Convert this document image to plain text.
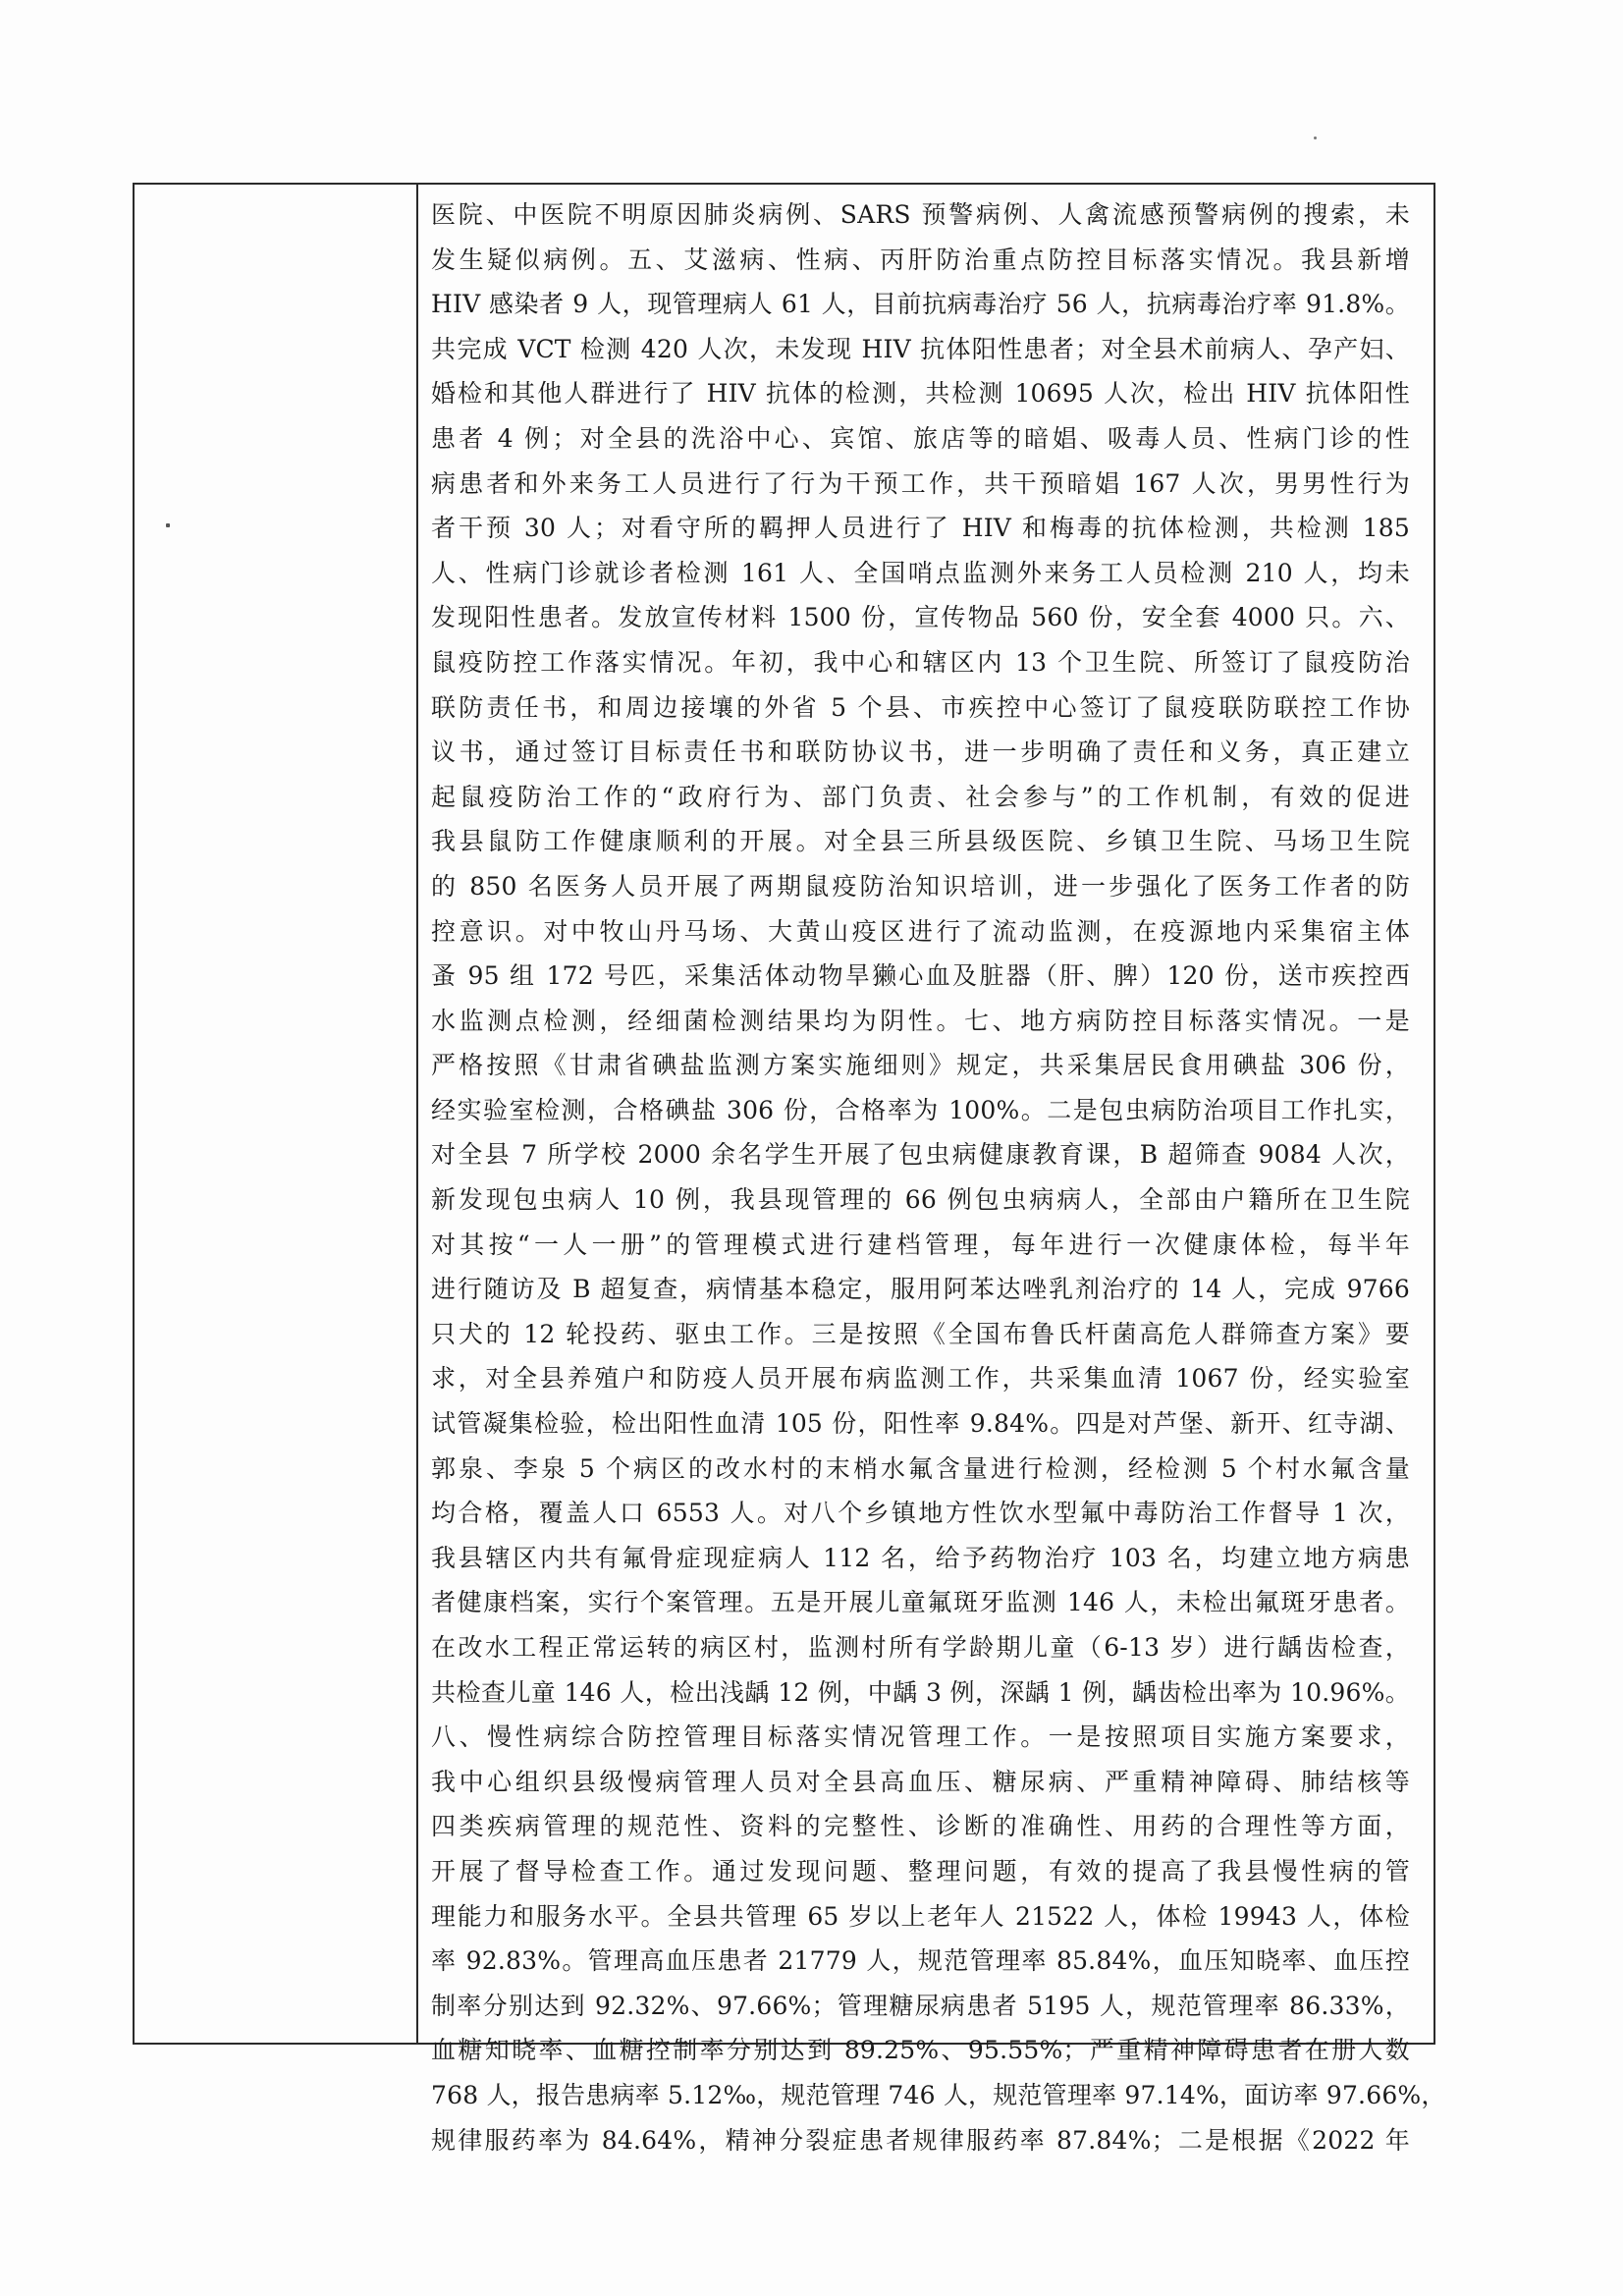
医院、中医院不明原因肺炎病例、SARS 预警病例、人禽流感预警病例的搜索，未
发生疑似病例。五、艾滋病、性病、丙肝防治重点防控目标落实情况。我县新增
HIV 感染者 9 人，现管理病人 61 人，目前抗病毒治疗 56 人，抗病毒治疗率 91.8%。
共完成 VCT 检测 420 人次，未发现 HIV 抗体阳性患者；对全县术前病人、孕产妇、
婚检和其他人群进行了 HIV 抗体的检测，共检测 10695 人次，检出 HIV 抗体阳性
患者 4 例；对全县的洗浴中心、宾馆、旅店等的暗娼、吸毒人员、性病门诊的性
病患者和外来务工人员进行了行为干预工作，共干预暗娼 167 人次，男男性行为
者干预 30 人；对看守所的羁押人员进行了 HIV 和梅毒的抗体检测，共检测 185
人、性病门诊就诊者检测 161 人、全国哨点监测外来务工人员检测 210 人，均未
发现阳性患者。发放宣传材料 1500 份，宣传物品 560 份，安全套 4000 只。六、
鼠疫防控工作落实情况。年初，我中心和辖区内 13 个卫生院、所签订了鼠疫防治
联防责任书，和周边接壤的外省 5 个县、市疾控中心签订了鼠疫联防联控工作协
议书，通过签订目标责任书和联防协议书，进一步明确了责任和义务，真正建立
起鼠疫防治工作的“政府行为、部门负责、社会参与”的工作机制，有效的促进
我县鼠防工作健康顺利的开展。对全县三所县级医院、乡镇卫生院、马场卫生院
的 850 名医务人员开展了两期鼠疫防治知识培训，进一步强化了医务工作者的防
控意识。对中牧山丹马场、大黄山疫区进行了流动监测，在疫源地内采集宿主体
蚤 95 组 172 号匹，采集活体动物旱獭心血及脏器（肝、脾）120 份，送市疾控西
水监测点检测，经细菌检测结果均为阴性。七、地方病防控目标落实情况。一是
严格按照《甘肃省碘盐监测方案实施细则》规定，共采集居民食用碘盐 306 份，
经实验室检测，合格碘盐 306 份，合格率为 100%。二是包虫病防治项目工作扎实，
对全县 7 所学校 2000 余名学生开展了包虫病健康教育课，B 超筛查 9084 人次，
新发现包虫病人 10 例，我县现管理的 66 例包虫病病人，全部由户籍所在卫生院
对其按“一人一册”的管理模式进行建档管理，每年进行一次健康体检，每半年
进行随访及 B 超复查，病情基本稳定，服用阿苯达唑乳剂治疗的 14 人，完成 9766
只犬的 12 轮投药、驱虫工作。三是按照《全国布鲁氏杆菌高危人群筛查方案》要
求，对全县养殖户和防疫人员开展布病监测工作，共采集血清 1067 份，经实验室
试管凝集检验，检出阳性血清 105 份，阳性率 9.84%。四是对芦堡、新开、红寺湖、
郭泉、李泉 5 个病区的改水村的末梢水氟含量进行检测，经检测 5 个村水氟含量
均合格，覆盖人口 6553 人。对八个乡镇地方性饮水型氟中毒防治工作督导 1 次，
我县辖区内共有氟骨症现症病人 112 名，给予药物治疗 103 名，均建立地方病患
者健康档案，实行个案管理。五是开展儿童氟斑牙监测 146 人，未检出氟斑牙患者。
在改水工程正常运转的病区村，监测村所有学龄期儿童（6-13 岁）进行龋齿检查，
共检查儿童 146 人，检出浅龋 12 例，中龋 3 例，深龋 1 例，龋齿检出率为 10.96%。
八、慢性病综合防控管理目标落实情况管理工作。一是按照项目实施方案要求，
我中心组织县级慢病管理人员对全县高血压、糖尿病、严重精神障碍、肺结核等
四类疾病管理的规范性、资料的完整性、诊断的准确性、用药的合理性等方面，
开展了督导检查工作。通过发现问题、整理问题，有效的提高了我县慢性病的管
理能力和服务水平。全县共管理 65 岁以上老年人 21522 人，体检 19943 人，体检
率 92.83%。管理高血压患者 21779 人，规范管理率 85.84%，血压知晓率、血压控
制率分别达到 92.32%、97.66%；管理糖尿病患者 5195 人，规范管理率 86.33%，
血糖知晓率、血糖控制率分别达到 89.25%、95.55%；严重精神障碍患者在册人数
768 人，报告患病率 5.12‰，规范管理 746 人，规范管理率 97.14%，面访率 97.66%，
规律服药率为 84.64%，精神分裂症患者规律服药率 87.84%；二是根据《2022 年
